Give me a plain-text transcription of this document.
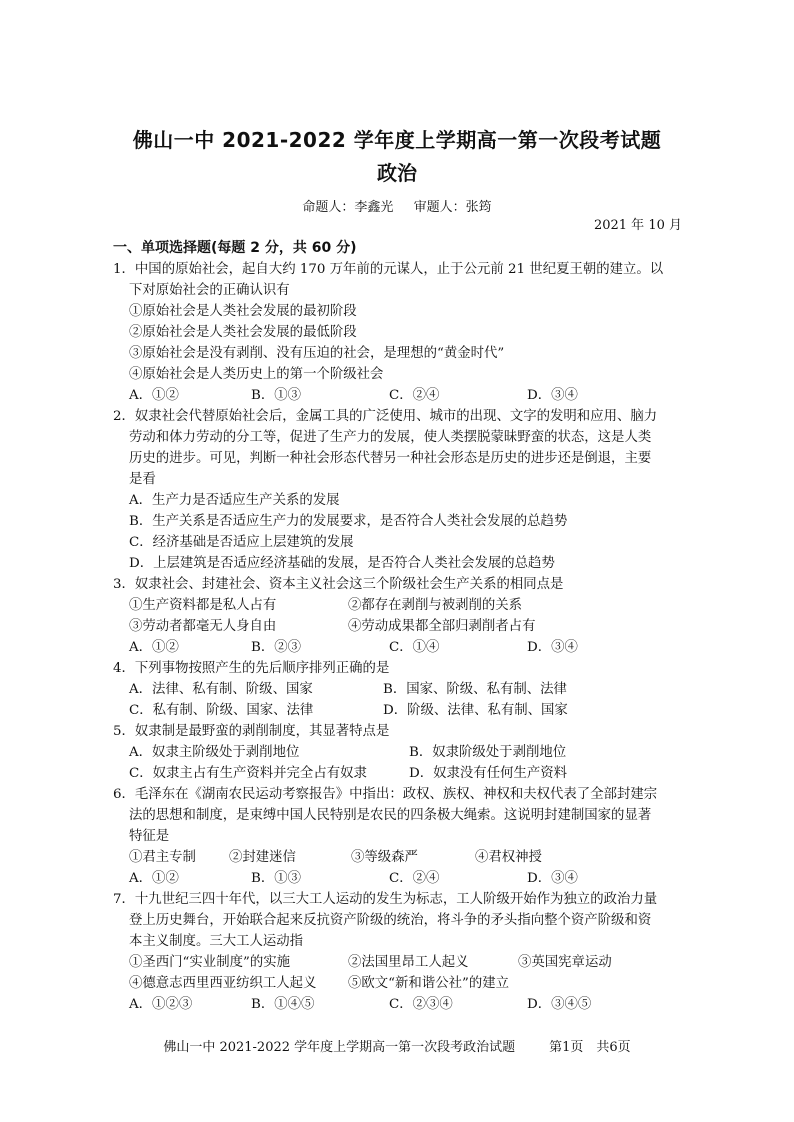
佛山一中 2021-2022 学年度上学期高一第一次段考试题
政治
命题人：李鑫光 审题人：张筠
2021 年 10 月
一、单项选择题(每题 2 分，共 60 分)
1．中国的原始社会，起自大约 170 万年前的元谋人，止于公元前 21 世纪夏王朝的建立。以
下对原始社会的正确认识有
①原始社会是人类社会发展的最初阶段
②原始社会是人类社会发展的最低阶段
③原始社会是没有剥削、没有压迫的社会，是理想的“黄金时代”
④原始社会是人类历史上的第一个阶级社会
A．①②	B．①③	C．②④	D．③④
2．奴隶社会代替原始社会后，金属工具的广泛使用、城市的出现、文字的发明和应用、脑力
劳动和体力劳动的分工等，促进了生产力的发展，使人类摆脱蒙昧野蛮的状态，这是人类
历史的进步。可见，判断一种社会形态代替另一种社会形态是历史的进步还是倒退，主要
是看
A．生产力是否适应生产关系的发展
B．生产关系是否适应生产力的发展要求，是否符合人类社会发展的总趋势
C．经济基础是否适应上层建筑的发展
D．上层建筑是否适应经济基础的发展，是否符合人类社会发展的总趋势
3．奴隶社会、封建社会、资本主义社会这三个阶级社会生产关系的相同点是
①生产资料都是私人占有	②都存在剥削与被剥削的关系
③劳动者都毫无人身自由	④劳动成果都全部归剥削者占有
A．①②	B．②③	C．①④	D．③④
4．下列事物按照产生的先后顺序排列正确的是
A．法律、私有制、阶级、国家	B．国家、阶级、私有制、法律
C．私有制、阶级、国家、法律	D．阶级、法律、私有制、国家
5．奴隶制是最野蛮的剥削制度，其显著特点是
A．奴隶主阶级处于剥削地位	B．奴隶阶级处于剥削地位
C．奴隶主占有生产资料并完全占有奴隶	D．奴隶没有任何生产资料
6．毛泽东在《湖南农民运动考察报告》中指出：政权、族权、神权和夫权代表了全部封建宗
法的思想和制度，是束缚中国人民特别是农民的四条极大绳索。这说明封建制国家的显著
特征是
①君主专制	②封建迷信	③等级森严	④君权神授
A．①②	B．①③	C．②④	D．③④
7．十九世纪三四十年代，以三大工人运动的发生为标志，工人阶级开始作为独立的政治力量
登上历史舞台，开始联合起来反抗资产阶级的统治，将斗争的矛头指向整个资产阶级和资
本主义制度。三大工人运动指
①圣西门“实业制度”的实施	②法国里昂工人起义	③英国宪章运动
④德意志西里西亚纺织工人起义	⑤欧文“新和谐公社”的建立
A．①②③	B．①④⑤	C．②③④	D．③④⑤
佛山一中 2021-2022 学年度上学期高一第一次段考政治试题	第1页　共6页
